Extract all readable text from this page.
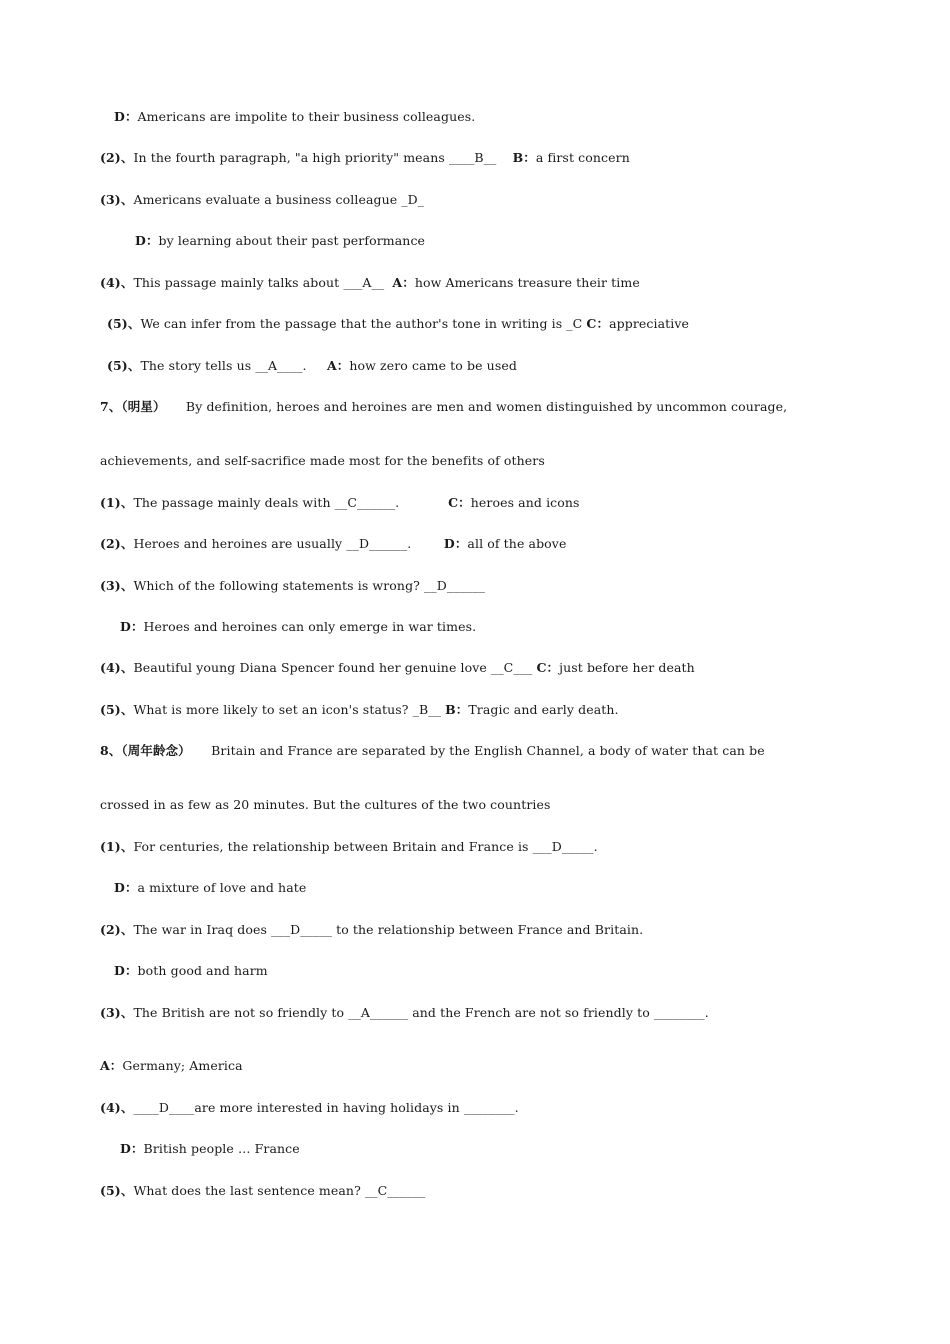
D：Americans are impolite to their business colleagues.
(2)、In the fourth paragraph, "a high priority" means ____B__    B：a first concern
(3)、Americans evaluate a business colleague _D_
D：by learning about their past performance
(4)、This passage mainly talks about ___A__  A：how Americans treasure their time
(5)、We can infer from the passage that the author's tone in writing is _C C：appreciative
(5)、The story tells us __A____.     A：how zero came to be used
7、（明星）     By definition, heroes and heroines are men and women distinguished by uncommon courage,
achievements, and self-sacrifice made most for the benefits of others
(1)、The passage mainly deals with __C______.            C：heroes and icons
(2)、Heroes and heroines are usually __D______.        D：all of the above
(3)、Which of the following statements is wrong? __D______
D：Heroes and heroines can only emerge in war times.
(4)、Beautiful young Diana Spencer found her genuine love __C___ C：just before her death
(5)、What is more likely to set an icon's status? _B__ B：Tragic and early death.
8、（周年龄念）     Britain and France are separated by the English Channel, a body of water that can be
crossed in as few as 20 minutes. But the cultures of the two countries
(1)、For centuries, the relationship between Britain and France is ___D_____.
D：a mixture of love and hate
(2)、The war in Iraq does ___D_____ to the relationship between France and Britain.
D：both good and harm
(3)、The British are not so friendly to __A______ and the French are not so friendly to ________.
A：Germany; America
(4)、____D____are more interested in having holidays in ________.
D：British people … France
(5)、What does the last sentence mean? __C______
